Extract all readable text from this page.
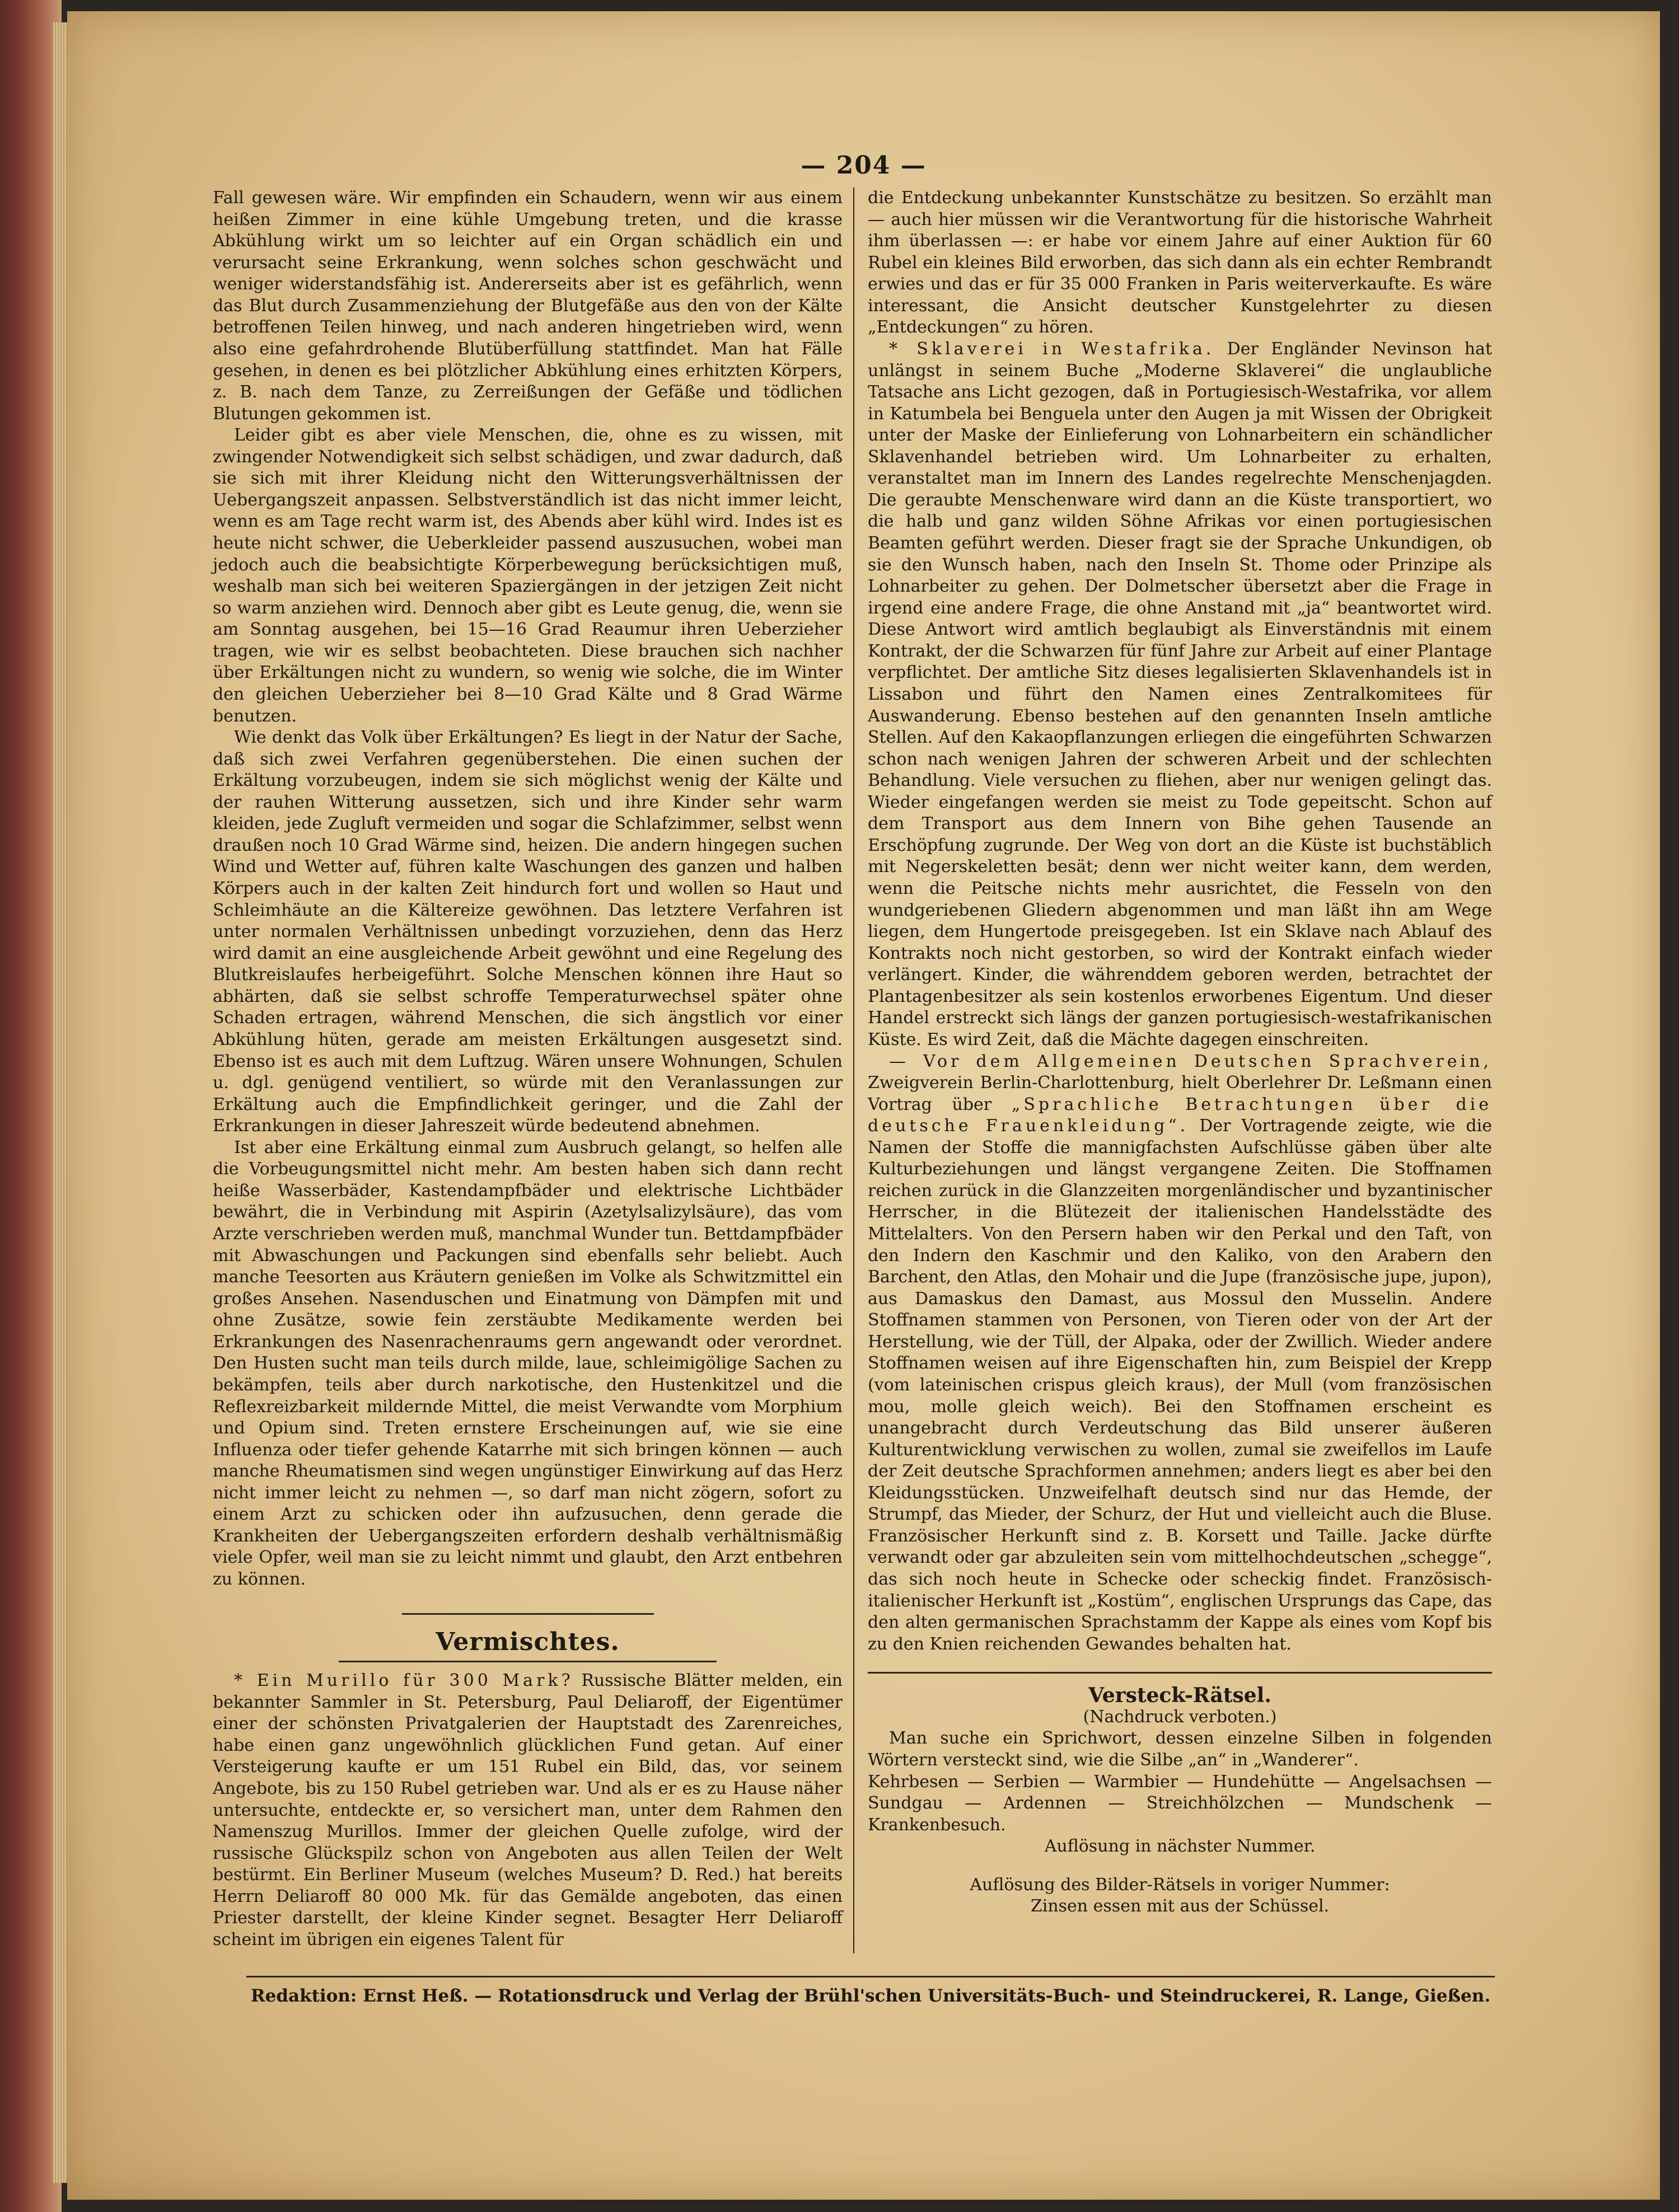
— 204 —

Fall gewesen wäre. Wir empfinden ein Schaudern, wenn wir aus einem heißen Zimmer in eine kühle Umgebung treten, und die krasse Abkühlung wirkt um so leichter auf ein Organ schädlich ein und verursacht seine Erkrankung, wenn solches schon geschwächt und weniger widerstandsfähig ist. Andererseits aber ist es gefährlich, wenn das Blut durch Zusammenziehung der Blutgefäße aus den von der Kälte betroffenen Teilen hinweg, und nach anderen hingetrieben wird, wenn also eine gefahrdrohende Blutüberfüllung stattfindet. Man hat Fälle gesehen, in denen es bei plötzlicher Abkühlung eines erhitzten Körpers, z. B. nach dem Tanze, zu Zerreißungen der Gefäße und tödlichen Blutungen gekommen ist.

Leider gibt es aber viele Menschen, die, ohne es zu wissen, mit zwingender Notwendigkeit sich selbst schädigen, und zwar dadurch, daß sie sich mit ihrer Kleidung nicht den Witterungsverhältnissen der Uebergangszeit anpassen. Selbstverständlich ist das nicht immer leicht, wenn es am Tage recht warm ist, des Abends aber kühl wird. Indes ist es heute nicht schwer, die Ueberkleider passend auszusuchen, wobei man jedoch auch die beabsichtigte Körperbewegung berücksichtigen muß, weshalb man sich bei weiteren Spaziergängen in der jetzigen Zeit nicht so warm anziehen wird. Dennoch aber gibt es Leute genug, die, wenn sie am Sonntag ausgehen, bei 15—16 Grad Reaumur ihren Ueberzieher tragen, wie wir es selbst beobachteten. Diese brauchen sich nachher über Erkältungen nicht zu wundern, so wenig wie solche, die im Winter den gleichen Ueberzieher bei 8—10 Grad Kälte und 8 Grad Wärme benutzen.

Wie denkt das Volk über Erkältungen? Es liegt in der Natur der Sache, daß sich zwei Verfahren gegenüberstehen. Die einen suchen der Erkältung vorzubeugen, indem sie sich möglichst wenig der Kälte und der rauhen Witterung aussetzen, sich und ihre Kinder sehr warm kleiden, jede Zugluft vermeiden und sogar die Schlafzimmer, selbst wenn draußen noch 10 Grad Wärme sind, heizen. Die andern hingegen suchen Wind und Wetter auf, führen kalte Waschungen des ganzen und halben Körpers auch in der kalten Zeit hindurch fort und wollen so Haut und Schleimhäute an die Kältereize gewöhnen. Das letztere Verfahren ist unter normalen Verhältnissen unbedingt vorzuziehen, denn das Herz wird damit an eine ausgleichende Arbeit gewöhnt und eine Regelung des Blutkreislaufes herbeigeführt. Solche Menschen können ihre Haut so abhärten, daß sie selbst schroffe Temperaturwechsel später ohne Schaden ertragen, während Menschen, die sich ängstlich vor einer Abkühlung hüten, gerade am meisten Erkältungen ausgesetzt sind. Ebenso ist es auch mit dem Luftzug. Wären unsere Wohnungen, Schulen u. dgl. genügend ventiliert, so würde mit den Veranlassungen zur Erkältung auch die Empfindlichkeit geringer, und die Zahl der Erkrankungen in dieser Jahreszeit würde bedeutend abnehmen.

Ist aber eine Erkältung einmal zum Ausbruch gelangt, so helfen alle die Vorbeugungsmittel nicht mehr. Am besten haben sich dann recht heiße Wasserbäder, Kastendampfbäder und elektrische Lichtbäder bewährt, die in Verbindung mit Aspirin (Azetylsalizylsäure), das vom Arzte verschrieben werden muß, manchmal Wunder tun. Bettdampfbäder mit Abwaschungen und Packungen sind ebenfalls sehr beliebt. Auch manche Teesorten aus Kräutern genießen im Volke als Schwitzmittel ein großes Ansehen. Nasenduschen und Einatmung von Dämpfen mit und ohne Zusätze, sowie fein zerstäubte Medikamente werden bei Erkrankungen des Nasenrachenraums gern angewandt oder verordnet. Den Husten sucht man teils durch milde, laue, schleimigölige Sachen zu bekämpfen, teils aber durch narkotische, den Hustenkitzel und die Reflexreizbarkeit mildernde Mittel, die meist Verwandte vom Morphium und Opium sind. Treten ernstere Erscheinungen auf, wie sie eine Influenza oder tiefer gehende Katarrhe mit sich bringen können — auch manche Rheumatismen sind wegen ungünstiger Einwirkung auf das Herz nicht immer leicht zu nehmen —, so darf man nicht zögern, sofort zu einem Arzt zu schicken oder ihn aufzusuchen, denn gerade die Krankheiten der Uebergangszeiten erfordern deshalb verhältnismäßig viele Opfer, weil man sie zu leicht nimmt und glaubt, den Arzt entbehren zu können.

Vermischtes.

* Ein Murillo für 300 Mark? Russische Blätter melden, ein bekannter Sammler in St. Petersburg, Paul Deliaroff, der Eigentümer einer der schönsten Privatgalerien der Hauptstadt des Zarenreiches, habe einen ganz ungewöhnlich glücklichen Fund getan. Auf einer Versteigerung kaufte er um 151 Rubel ein Bild, das, vor seinem Angebote, bis zu 150 Rubel getrieben war. Und als er es zu Hause näher untersuchte, entdeckte er, so versichert man, unter dem Rahmen den Namenszug Murillos. Immer der gleichen Quelle zufolge, wird der russische Glückspilz schon von Angeboten aus allen Teilen der Welt bestürmt. Ein Berliner Museum (welches Museum? D. Red.) hat bereits Herrn Deliaroff 80 000 Mk. für das Gemälde angeboten, das einen Priester darstellt, der kleine Kinder segnet. Besagter Herr Deliaroff scheint im übrigen ein eigenes Talent für

die Entdeckung unbekannter Kunstschätze zu besitzen. So erzählt man — auch hier müssen wir die Verantwortung für die historische Wahrheit ihm überlassen —: er habe vor einem Jahre auf einer Auktion für 60 Rubel ein kleines Bild erworben, das sich dann als ein echter Rembrandt erwies und das er für 35 000 Franken in Paris weiterverkaufte. Es wäre interessant, die Ansicht deutscher Kunstgelehrter zu diesen „Entdeckungen“ zu hören.

* Sklaverei in Westafrika. Der Engländer Nevinson hat unlängst in seinem Buche „Moderne Sklaverei“ die unglaubliche Tatsache ans Licht gezogen, daß in Portugiesisch-Westafrika, vor allem in Katumbela bei Benguela unter den Augen ja mit Wissen der Obrigkeit unter der Maske der Einlieferung von Lohnarbeitern ein schändlicher Sklavenhandel betrieben wird. Um Lohnarbeiter zu erhalten, veranstaltet man im Innern des Landes regelrechte Menschenjagden. Die geraubte Menschenware wird dann an die Küste transportiert, wo die halb und ganz wilden Söhne Afrikas vor einen portugiesischen Beamten geführt werden. Dieser fragt sie der Sprache Unkundigen, ob sie den Wunsch haben, nach den Inseln St. Thome oder Prinzipe als Lohnarbeiter zu gehen. Der Dolmetscher übersetzt aber die Frage in irgend eine andere Frage, die ohne Anstand mit „ja“ beantwortet wird. Diese Antwort wird amtlich beglaubigt als Einverständnis mit einem Kontrakt, der die Schwarzen für fünf Jahre zur Arbeit auf einer Plantage verpflichtet. Der amtliche Sitz dieses legalisierten Sklavenhandels ist in Lissabon und führt den Namen eines Zentralkomitees für Auswanderung. Ebenso bestehen auf den genannten Inseln amtliche Stellen. Auf den Kakaopflanzungen erliegen die eingeführten Schwarzen schon nach wenigen Jahren der schweren Arbeit und der schlechten Behandlung. Viele versuchen zu fliehen, aber nur wenigen gelingt das. Wieder eingefangen werden sie meist zu Tode gepeitscht. Schon auf dem Transport aus dem Innern von Bihe gehen Tausende an Erschöpfung zugrunde. Der Weg von dort an die Küste ist buchstäblich mit Negerskeletten besät; denn wer nicht weiter kann, dem werden, wenn die Peitsche nichts mehr ausrichtet, die Fesseln von den wundgeriebenen Gliedern abgenommen und man läßt ihn am Wege liegen, dem Hungertode preisgegeben. Ist ein Sklave nach Ablauf des Kontrakts noch nicht gestorben, so wird der Kontrakt einfach wieder verlängert. Kinder, die währenddem geboren werden, betrachtet der Plantagenbesitzer als sein kostenlos erworbenes Eigentum. Und dieser Handel erstreckt sich längs der ganzen portugiesisch-westafrikanischen Küste. Es wird Zeit, daß die Mächte dagegen einschreiten.

— Vor dem Allgemeinen Deutschen Sprachverein, Zweigverein Berlin-Charlottenburg, hielt Oberlehrer Dr. Leßmann einen Vortrag über „Sprachliche Betrachtungen über die deutsche Frauenkleidung“. Der Vortragende zeigte, wie die Namen der Stoffe die mannigfachsten Aufschlüsse gäben über alte Kulturbeziehungen und längst vergangene Zeiten. Die Stoffnamen reichen zurück in die Glanzzeiten morgenländischer und byzantinischer Herrscher, in die Blütezeit der italienischen Handelsstädte des Mittelalters. Von den Persern haben wir den Perkal und den Taft, von den Indern den Kaschmir und den Kaliko, von den Arabern den Barchent, den Atlas, den Mohair und die Jupe (französische jupe, jupon), aus Damaskus den Damast, aus Mossul den Musselin. Andere Stoffnamen stammen von Personen, von Tieren oder von der Art der Herstellung, wie der Tüll, der Alpaka, oder der Zwillich. Wieder andere Stoffnamen weisen auf ihre Eigenschaften hin, zum Beispiel der Krepp (vom lateinischen crispus gleich kraus), der Mull (vom französischen mou, molle gleich weich). Bei den Stoffnamen erscheint es unangebracht durch Verdeutschung das Bild unserer äußeren Kulturentwicklung verwischen zu wollen, zumal sie zweifellos im Laufe der Zeit deutsche Sprachformen annehmen; anders liegt es aber bei den Kleidungsstücken. Unzweifelhaft deutsch sind nur das Hemde, der Strumpf, das Mieder, der Schurz, der Hut und vielleicht auch die Bluse. Französischer Herkunft sind z. B. Korsett und Taille. Jacke dürfte verwandt oder gar abzuleiten sein vom mittelhochdeutschen „schegge“, das sich noch heute in Schecke oder scheckig findet. Französisch-italienischer Herkunft ist „Kostüm“, englischen Ursprungs das Cape, das den alten germanischen Sprachstamm der Kappe als eines vom Kopf bis zu den Knien reichenden Gewandes behalten hat.

Versteck-Rätsel.
(Nachdruck verboten.)

Man suche ein Sprichwort, dessen einzelne Silben in folgenden Wörtern versteckt sind, wie die Silbe „an“ in „Wanderer“.

Kehrbesen — Serbien — Warmbier — Hundehütte — Angelsachsen — Sundgau — Ardennen — Streichhölzchen — Mundschenk — Krankenbesuch.

Auflösung in nächster Nummer.
Auflösung des Bilder-Rätsels in voriger Nummer:
Zinsen essen mit aus der Schüssel.
Redaktion: Ernst Heß. — Rotationsdruck und Verlag der Brühl'schen Universitäts-Buch- und Steindruckerei, R. Lange, Gießen.
